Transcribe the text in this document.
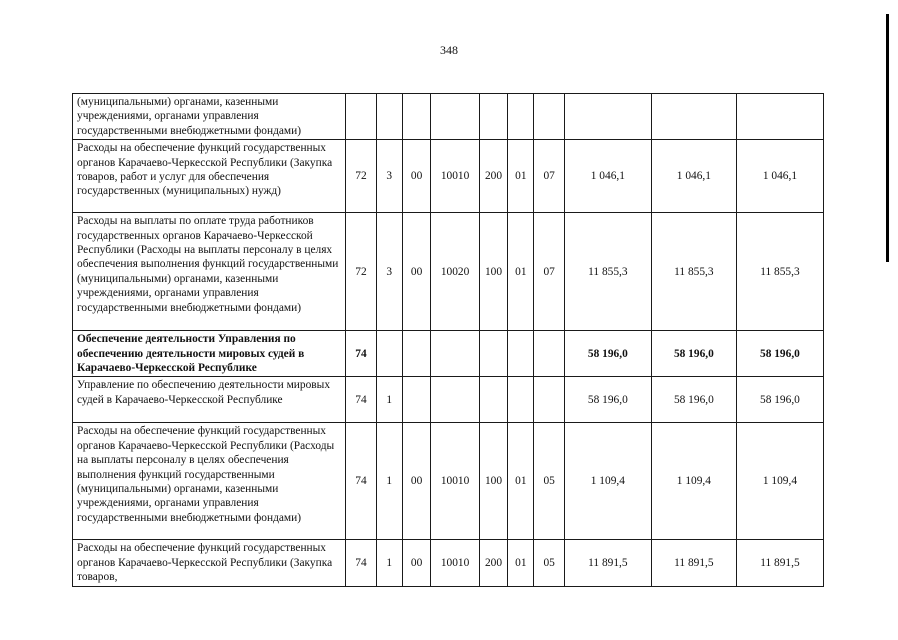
348
(муниципальными) органами, казенными учреждениями, органами управления государственными внебюджетными фондами)										
Расходы на обеспечение функций государственных органов Карачаево-Черкесской Республики (Закупка товаров, работ и услуг для обеспечения государственных (муниципальных) нужд)	72	3	00	10010	200	01	07	1 046,1	1 046,1	1 046,1
Расходы на выплаты по оплате труда работников государственных органов Карачаево-Черкесской Республики (Расходы на выплаты персоналу в целях обеспечения выполнения функций государственными (муниципальными) органами, казенными учреждениями, органами управления государственными внебюджетными фондами)	72	3	00	10020	100	01	07	11 855,3	11 855,3	11 855,3
Обеспечение деятельности Управления по обеспечению деятельности мировых судей в Карачаево-Черкесской Республике	74							58 196,0	58 196,0	58 196,0
Управление по обеспечению деятельности мировых судей в Карачаево-Черкесской Республике	74	1						58 196,0	58 196,0	58 196,0
Расходы на обеспечение функций государственных органов Карачаево-Черкесской Республики (Расходы на выплаты персоналу в целях обеспечения выполнения функций государственными (муниципальными) органами, казенными учреждениями, органами управления государственными внебюджетными фондами)	74	1	00	10010	100	01	05	1 109,4	1 109,4	1 109,4
Расходы на обеспечение функций государственных органов Карачаево-Черкесской Республики (Закупка товаров,	74	1	00	10010	200	01	05	11 891,5	11 891,5	11 891,5
